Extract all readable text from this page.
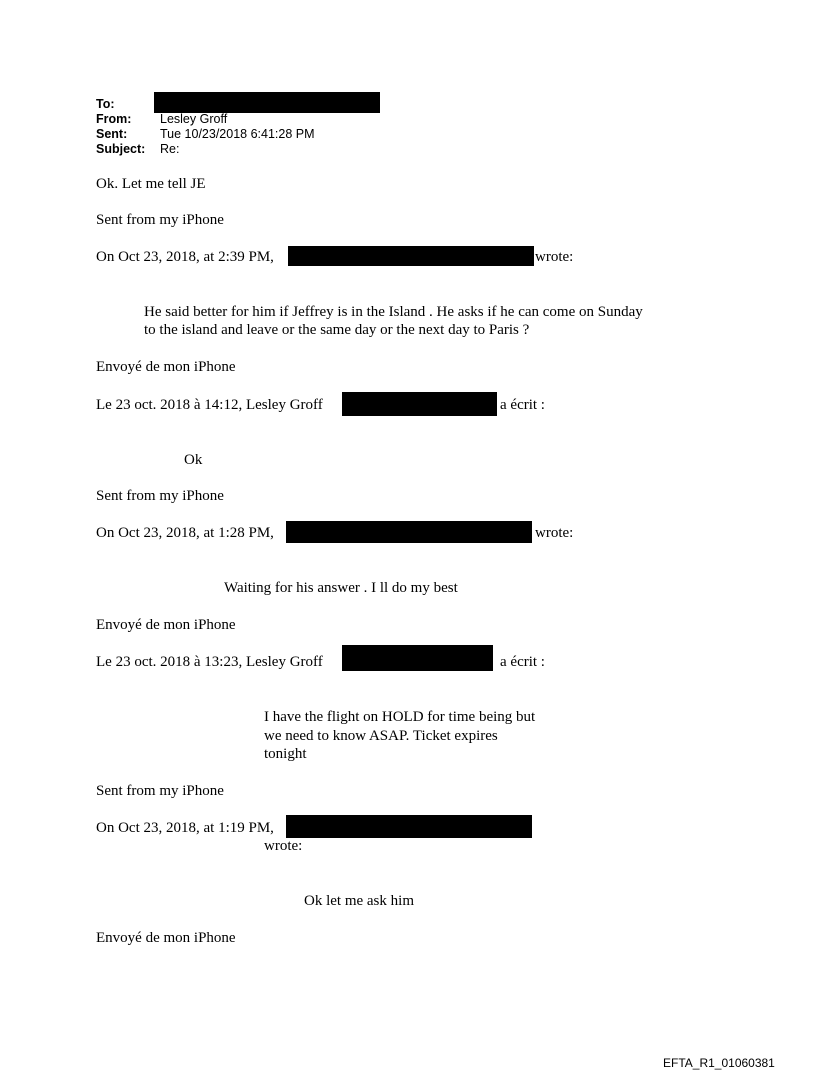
To:
From: Lesley Groff
Sent:	Tue 10/23/2018 6:41:28 PM
Subject: Re:
Ok. Let me tell JE
Sent from my iPhone
On Oct 23, 2018, at 2:39 PM,	wrote:
He said better for him if Jeffrey is in the Island . He asks if he can come on Sunday
to the island and leave or the same day or the next day to Paris ?
Envoyé de mon iPhone
Le 23 oct. 2018 à 14:12, Lesley Groff	a écrit :
Ok
Sent from my iPhone
On Oct 23, 2018, at 1:28 PM,	wrote:
Waiting for his answer . I ll do my best
Envoyé de mon iPhone
Le 23 oct. 2018 à 13:23, Lesley Groff	a écrit :
I have the flight on HOLD for time being but
we need to know ASAP. Ticket expires
tonight
Sent from my iPhone
On Oct 23, 2018, at 1:19 PM,
wrote:
Ok let me ask him
Envoyé de mon iPhone
EFTA_R1_01060381
